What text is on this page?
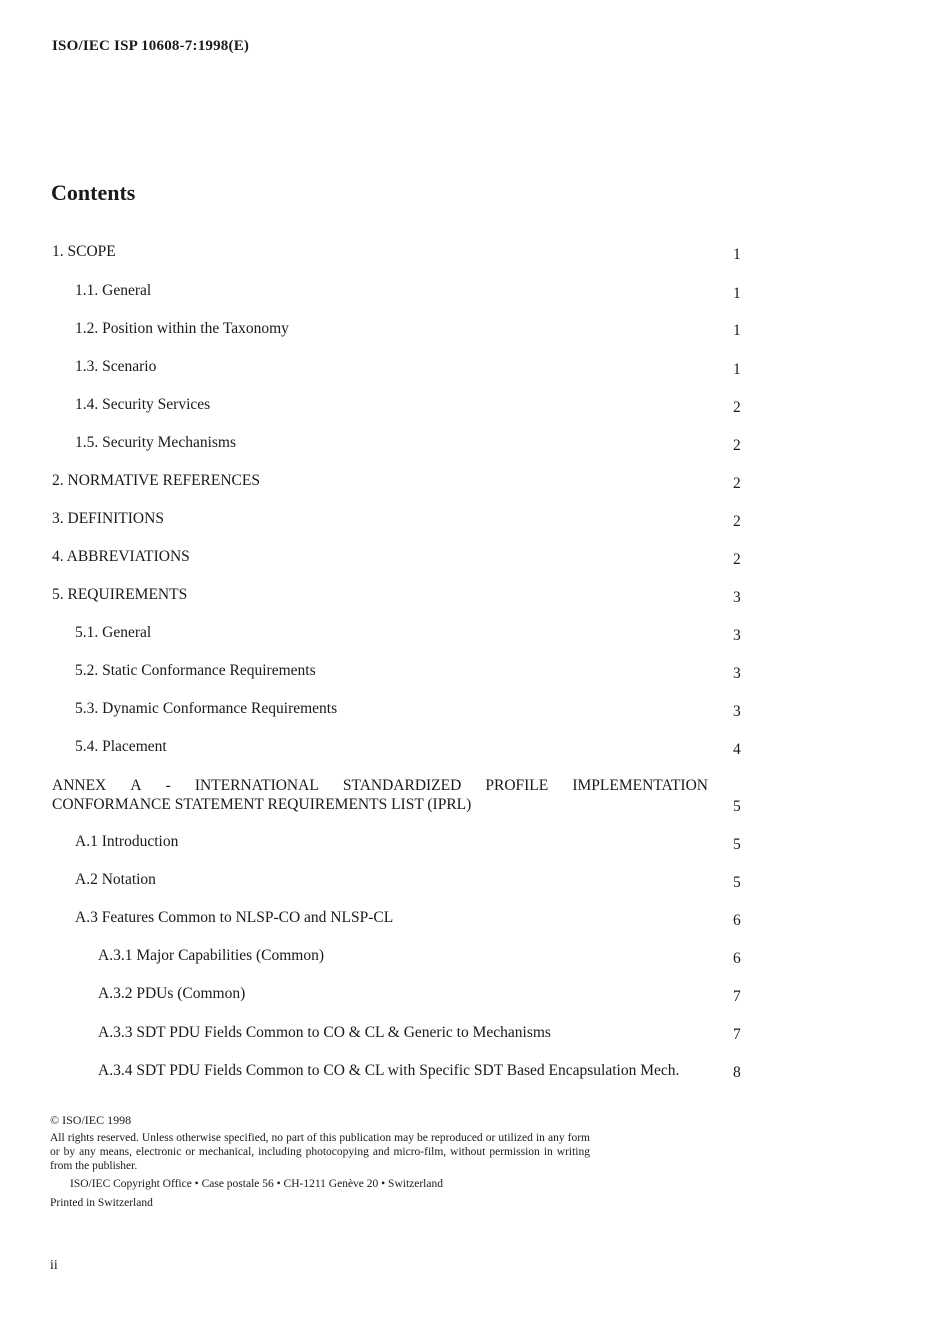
ISO/IEC ISP 10608-7:1998(E)
Contents
1. SCOPE	1
1.1. General	1
1.2. Position within the Taxonomy	1
1.3. Scenario	1
1.4. Security Services	2
1.5. Security Mechanisms	2
2. NORMATIVE REFERENCES	2
3. DEFINITIONS	2
4. ABBREVIATIONS	2
5. REQUIREMENTS	3
5.1. General	3
5.2. Static Conformance Requirements	3
5.3. Dynamic Conformance Requirements	3
5.4. Placement	4
ANNEX A - INTERNATIONAL STANDARDIZED PROFILE IMPLEMENTATION
CONFORMANCE STATEMENT REQUIREMENTS LIST (IPRL)	5
A.1 Introduction	5
A.2 Notation	5
A.3 Features Common to NLSP-CO and NLSP-CL	6
A.3.1 Major Capabilities (Common)	6
A.3.2 PDUs (Common)	7
A.3.3 SDT PDU Fields Common to CO & CL & Generic to Mechanisms	7
A.3.4 SDT PDU Fields Common to CO & CL with Specific SDT Based Encapsulation Mech.	8
© ISO/IEC 1998

All rights reserved. Unless otherwise specified, no part of this publication may be reproduced or utilized in any form or by any means, electronic or mechanical, including photocopying and micro-film, without permission in writing from the publisher.

ISO/IEC Copyright Office • Case postale 56 • CH-1211 Genève 20 • Switzerland
Printed in Switzerland
ii
